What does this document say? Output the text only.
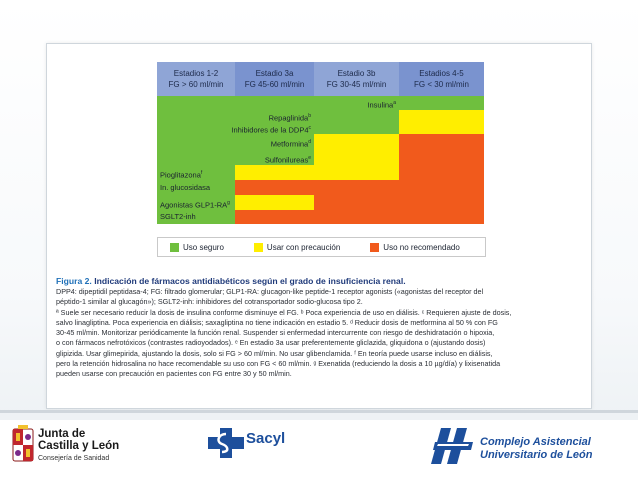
Estadios 1-2
FG > 60 ml/min
Estadio 3a
FG 45-60 ml/min
Estadio 3b
FG 30-45 ml/min
Estadios 4-5
FG < 30 ml/min
Insulina$^a$
Repaglinida$^b$
Inhibidores de la DDP4$^c$
Metformina$^d$
Sulfonilureas$^e$
Pioglitazona$^f$
In. glucosidasa
Agonistas $GLP1-RA^g$
SGLT2-inh
Uso seguro	Usar con precaución	Uso no recomendado
Figura 2. Indicación de fármacos antidiabéticos según el grado de insuficiencia renal.

DPP4: dipeptidil peptidasa-4; FG: filtrado glomerular; GLP1-RA: glucagon-like peptide-1 receptor agonists («agonistas del receptor del

péptido-1 similar al glucagón»); SGLT2-inh: inhibidores del cotransportador sodio-glucosa tipo 2.

ª Suele ser necesario reducir la dosis de insulina conforme disminuye el FG. ᵇ Poca experiencia de uso en diálisis. ᶜ Requieren ajuste de dosis,

salvo linagliptina. Poca experiencia en diálisis; saxagliptina no tiene indicación en estadio 5. ᵈ Reducir dosis de metformina al 50 % con FG

30-45 ml/min. Monitorizar periódicamente la función renal. Suspender si enfermedad intercurrente con riesgo de deshidratación o hipoxia,

o con fármacos nefrotóxicos (contrastes radioyodados). ᵉ En estadio 3a usar preferentemente gliclazida, gliquidona o (ajustando dosis)

glipizida. Usar glimepirida, ajustando la dosis, solo si FG > 60 ml/min. No usar glibenclamida. ᶠ En teoría puede usarse incluso en diálisis,

pero la retención hidrosalina no hace recomendable su uso con FG < 60 ml/min. ᵍ Exenatida (reduciendo la dosis a 10 µg/día) y lixisenatida

pueden usarse con precaución en pacientes con FG entre 30 y 50 ml/min.

Junta de
Castilla y León
Consejería de Sanidad
Sacyl	Complejo Asistencial
Universitario de León
